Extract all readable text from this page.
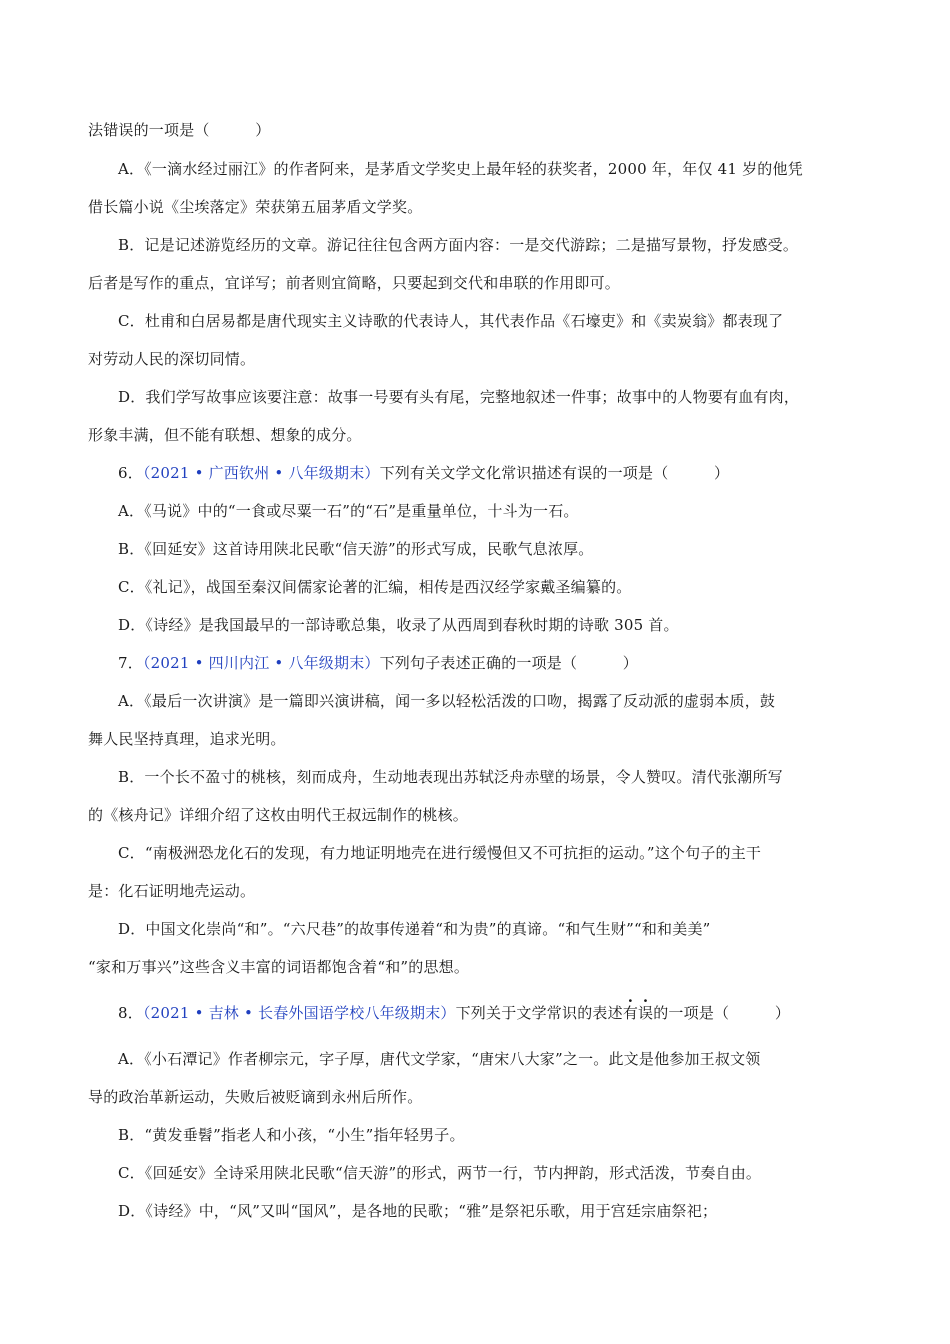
法错误的一项是（　　　）
A．《一滴水经过丽江》的作者阿来，是茅盾文学奖史上最年轻的获奖者，2000 年，年仅 41 岁的他凭
借长篇小说《尘埃落定》荣获第五届茅盾文学奖。
B．记是记述游览经历的文章。游记往往包含两方面内容：一是交代游踪；二是描写景物，抒发感受。
后者是写作的重点，宜详写；前者则宜简略，只要起到交代和串联的作用即可。
C．杜甫和白居易都是唐代现实主义诗歌的代表诗人，其代表作品《石壕吏》和《卖炭翁》都表现了
对劳动人民的深切同情。
D．我们学写故事应该要注意：故事一号要有头有尾，完整地叙述一件事；故事中的人物要有血有肉，
形象丰满，但不能有联想、想象的成分。
6．（2021 • 广西钦州 • 八年级期末）下列有关文学文化常识描述有误的一项是（　　　）
A．《马说》中的“一食或尽粟一石”的“石”是重量单位，十斗为一石。
B．《回延安》这首诗用陕北民歌“信天游”的形式写成，民歌气息浓厚。
C．《礼记》，战国至秦汉间儒家论著的汇编，相传是西汉经学家戴圣编纂的。
D．《诗经》是我国最早的一部诗歌总集，收录了从西周到春秋时期的诗歌 305 首。
7．（2021 • 四川内江 • 八年级期末）下列句子表述正确的一项是（　　　）
A．《最后一次讲演》是一篇即兴演讲稿，闻一多以轻松活泼的口吻，揭露了反动派的虚弱本质，鼓
舞人民坚持真理，追求光明。
B．一个长不盈寸的桃核，刻而成舟，生动地表现出苏轼泛舟赤壁的场景，令人赞叹。清代张潮所写
的《核舟记》详细介绍了这枚由明代王叔远制作的桃核。
C．“南极洲恐龙化石的发现，有力地证明地壳在进行缓慢但又不可抗拒的运动。”这个句子的主干
是：化石证明地壳运动。
D．中国文化崇尚“和”。“六尺巷”的故事传递着“和为贵”的真谛。“和气生财”“和和美美”
“家和万事兴”这些含义丰富的词语都饱含着“和”的思想。
8．（2021 • 吉林 • 长春外国语学校八年级期末）下列关于文学常识的表述有误的一项是（　　　）
A．《小石潭记》作者柳宗元，字子厚，唐代文学家，“唐宋八大家”之一。此文是他参加王叔文领
导的政治革新运动，失败后被贬谪到永州后所作。
B．“黄发垂髫”指老人和小孩，“小生”指年轻男子。
C．《回延安》全诗采用陕北民歌“信天游”的形式，两节一行，节内押韵，形式活泼，节奏自由。
D．《诗经》中，“风”又叫“国风”，是各地的民歌；“雅”是祭祀乐歌，用于宫廷宗庙祭祀；
